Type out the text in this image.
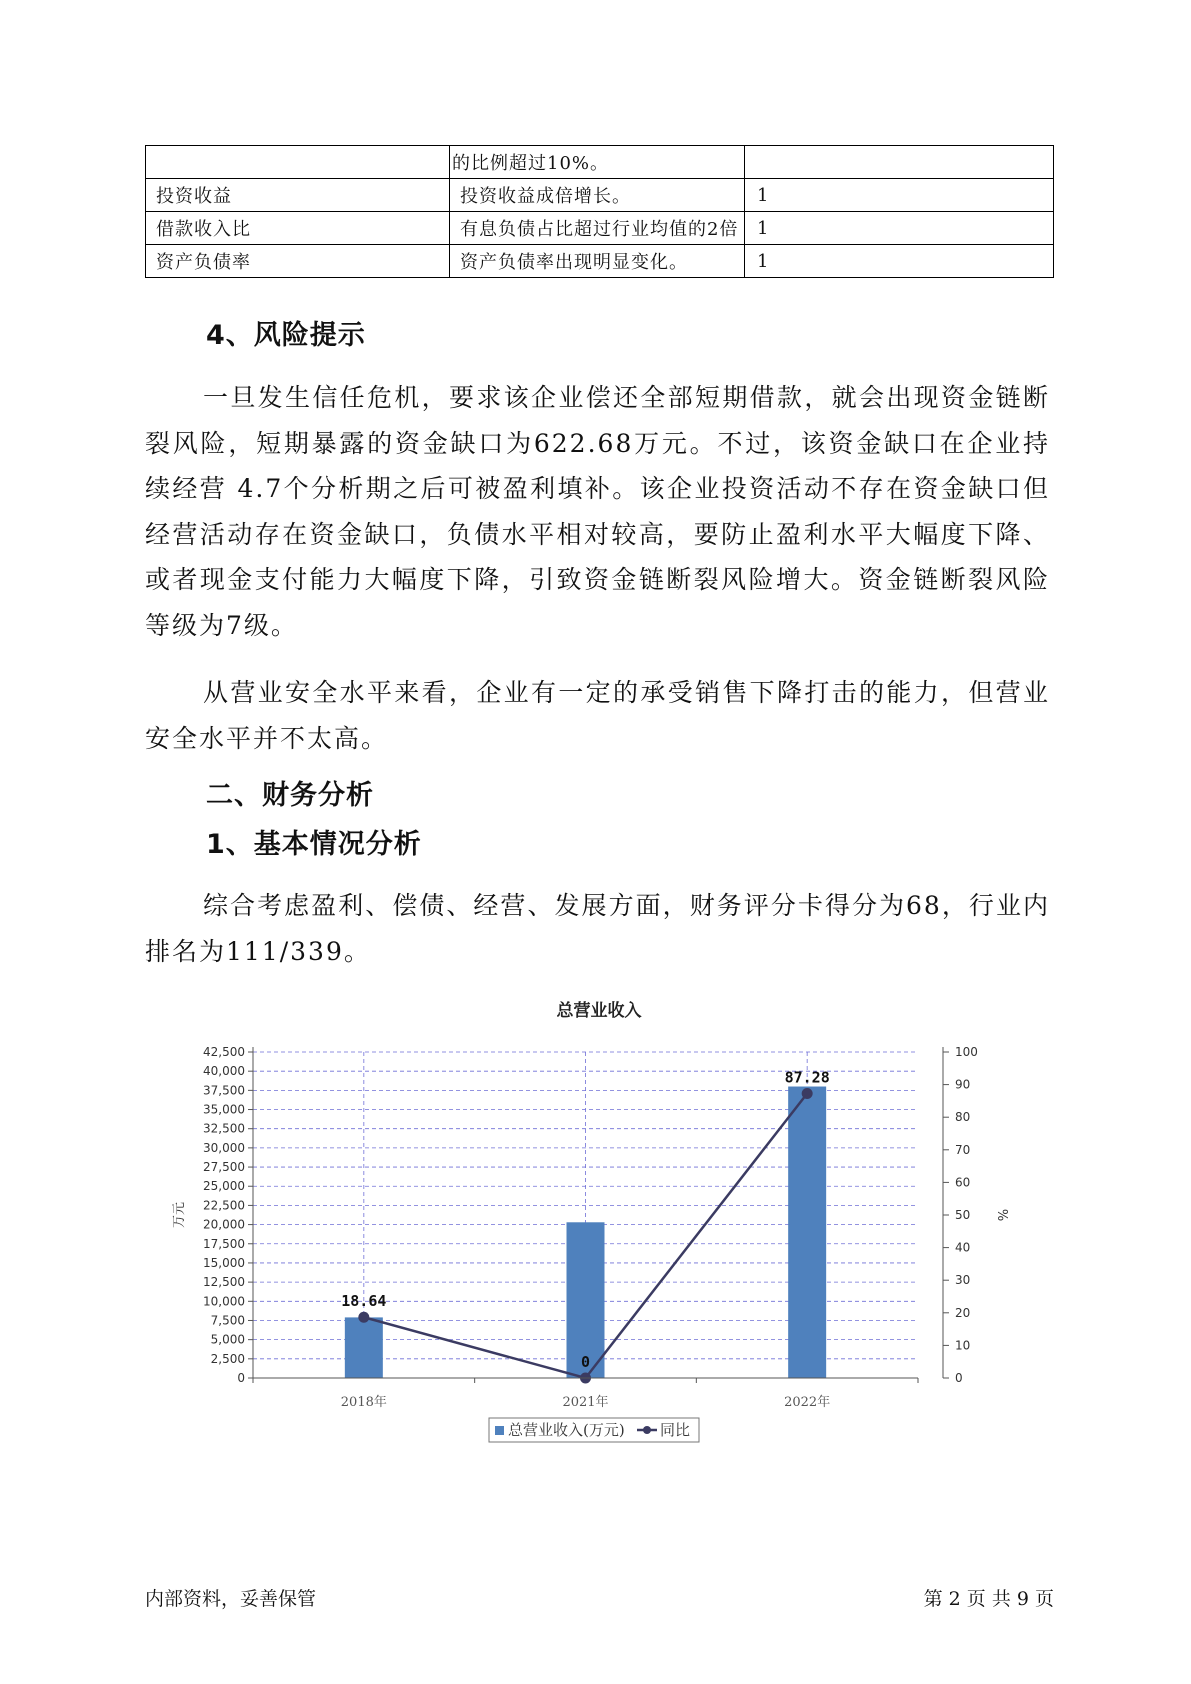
	的比例超过10%。	
投资收益	投资收益成倍增长。	1
借款收入比	有息负债占比超过行业均值的2倍	1
资产负债率	资产负债率出现明显变化。	1
4、风险提示

一旦发生信任危机，要求该企业偿还全部短期借款，就会出现资金链断裂风险，短期暴露的资金缺口为622.68万元。不过，该资金缺口在企业持续经营 4.7个分析期之后可被盈利填补。该企业投资活动不存在资金缺口但经营活动存在资金缺口，负债水平相对较高，要防止盈利水平大幅度下降、或者现金支付能力大幅度下降，引致资金链断裂风险增大。资金链断裂风险等级为7级。

从营业安全水平来看，企业有一定的承受销售下降打击的能力，但营业安全水平并不太高。

二、财务分析
1、基本情况分析

综合考虑盈利、偿债、经营、发展方面，财务评分卡得分为68，行业内排名为111/339。

总营业收入
18.64
0
87.28
0
2,500
5,000
7,500
10,000
12,500
15,000
17,500
20,000
22,500
25,000
27,500
30,000
32,500
35,000
37,500
40,000
42,500
0
10
20
30
40
50
60
70
80
90
100
2018年	2021年	2022年
万元	%
总营业收入(万元) 同比
内部资料，妥善保管	第 2 页 共 9 页
